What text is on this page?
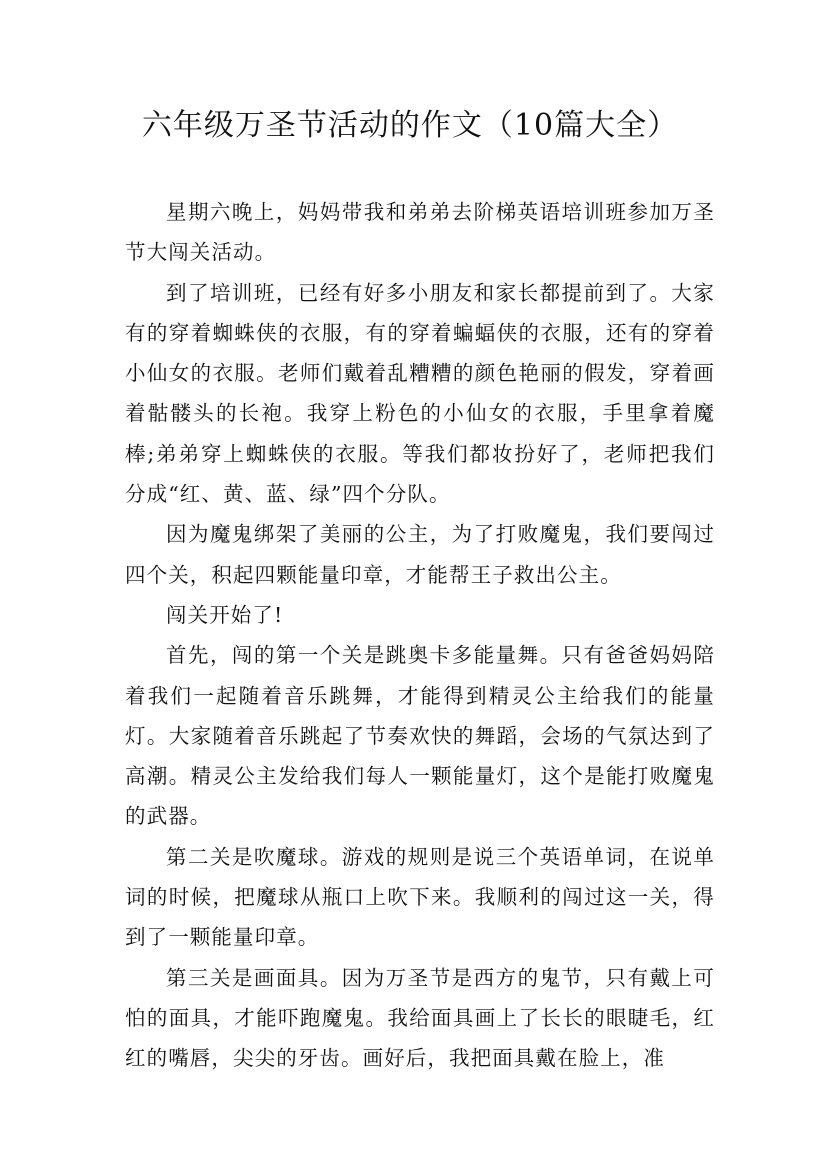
六年级万圣节活动的作文（10篇大全）

星期六晚上，妈妈带我和弟弟去阶梯英语培训班参加万圣节大闯关活动。

到了培训班，已经有好多小朋友和家长都提前到了。大家有的穿着蜘蛛侠的衣服，有的穿着蝙蝠侠的衣服，还有的穿着小仙女的衣服。老师们戴着乱糟糟的颜色艳丽的假发，穿着画着骷髅头的长袍。我穿上粉色的小仙女的衣服，手里拿着魔棒;弟弟穿上蜘蛛侠的衣服。等我们都妆扮好了，老师把我们分成“红、黄、蓝、绿”四个分队。

因为魔鬼绑架了美丽的公主，为了打败魔鬼，我们要闯过四个关，积起四颗能量印章，才能帮王子救出公主。

闯关开始了!

首先，闯的第一个关是跳奥卡多能量舞。只有爸爸妈妈陪着我们一起随着音乐跳舞，才能得到精灵公主给我们的能量灯。大家随着音乐跳起了节奏欢快的舞蹈，会场的气氛达到了高潮。精灵公主发给我们每人一颗能量灯，这个是能打败魔鬼的武器。

第二关是吹魔球。游戏的规则是说三个英语单词，在说单词的时候，把魔球从瓶口上吹下来。我顺利的闯过这一关，得到了一颗能量印章。

第三关是画面具。因为万圣节是西方的鬼节，只有戴上可怕的面具，才能吓跑魔鬼。我给面具画上了长长的眼睫毛，红红的嘴唇，尖尖的牙齿。画好后，我把面具戴在脸上，准
